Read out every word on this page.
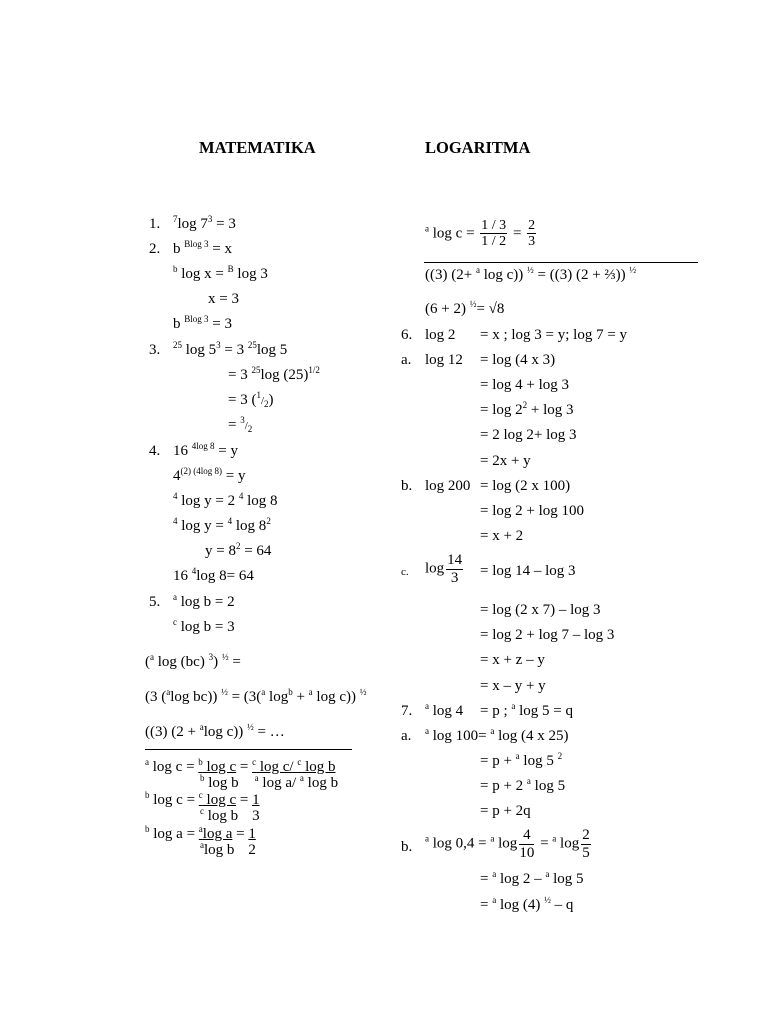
MATEMATIKA	LOGARITMA
1. $^7$log $7^3 = 3$
2. b $^{Blog 3}$ = x
$^b$ log x = $^B$ log 3
x = 3
b $^{Blog 3}$ = 3
3. $^{25}$ $\log 5^3 = 3$ $^{25}$log 5
= 3 $^{25}$log $(25)^{1/2}$
= 3 $(^1/_2)$
= $^3/_2$
4. 16 $^{4log 8}$ = y
$4^{(2) (4log 8)} = y$
$^4$ log y = 2 $^4$ log 8
$^4$ log y = $^4$ $\log 8^2$
$y = 8^2 = 64$
16 $^4$log 8= 64
5. $^a$ log b = 2
$^c$ log b = 3
($^a$ log (bc) $^3$) $^{\frac{1}{2}}$ =
(3 ($^a$log bc)) $^{\frac{1}{2}}$ = (3($^a$ $\log^b + ^a$ log c)) $^{\frac{1}{2}}$
((3) (2 + $^a$log c)) $^{\frac{1}{2}}$ = …
$^a$ log c = $^b$ log c = $^c$ log c/ $^c$ log b
$^b$ log b $^a$ log a/ $^a$ log b
$^b$ log c = $^c$ log c = 1
$^c$ log b 3
$^b$ log a = $^a$log a = 1
$^a$log b 2
$^a$ $\log c = \frac{1 / 3}{1 / 2} = \frac{2}{3}$
((3) (2+ $^a$ log c)) $^{\frac{1}{2}}$ = ((3) (2 + ⅔)) $^{\frac{1}{2}}$
(6 + 2) $^{\frac{1}{2}}$= √8
6. log 2 = x ; log 3 = y; log 7 = y
a. log 12 = log (4 x 3)
= log 4 + log 3
= $\log 2^2 + \log 3$
= 2 log 2+ log 3
= 2x + y
b. log 200 = log (2 x 100)
= log 2 + log 100
= x + 2
c. $\log \frac{14}{3} = \log 14 - \log 3$
= log (2 x 7) – log 3
= log 2 + log 7 – log 3
= x + z – y
= x – y + y
7. $^a$ log 4 = p ; $^a$ log 5 = q
a. $^a$ log 100= $^a$ log (4 x 25)
= p + $^a$ log 5 $^2$
= p + 2 $^a$ log 5
= p + 2q
b.
$^a$ log 0,4 = $^a$ $\log \frac{4}{10} = ^a$ $\log \frac{2}{5}$
= $^a$ log 2 – $^a$ log 5
= $^a$ log (4) $^{\frac{1}{2}}$ – q
